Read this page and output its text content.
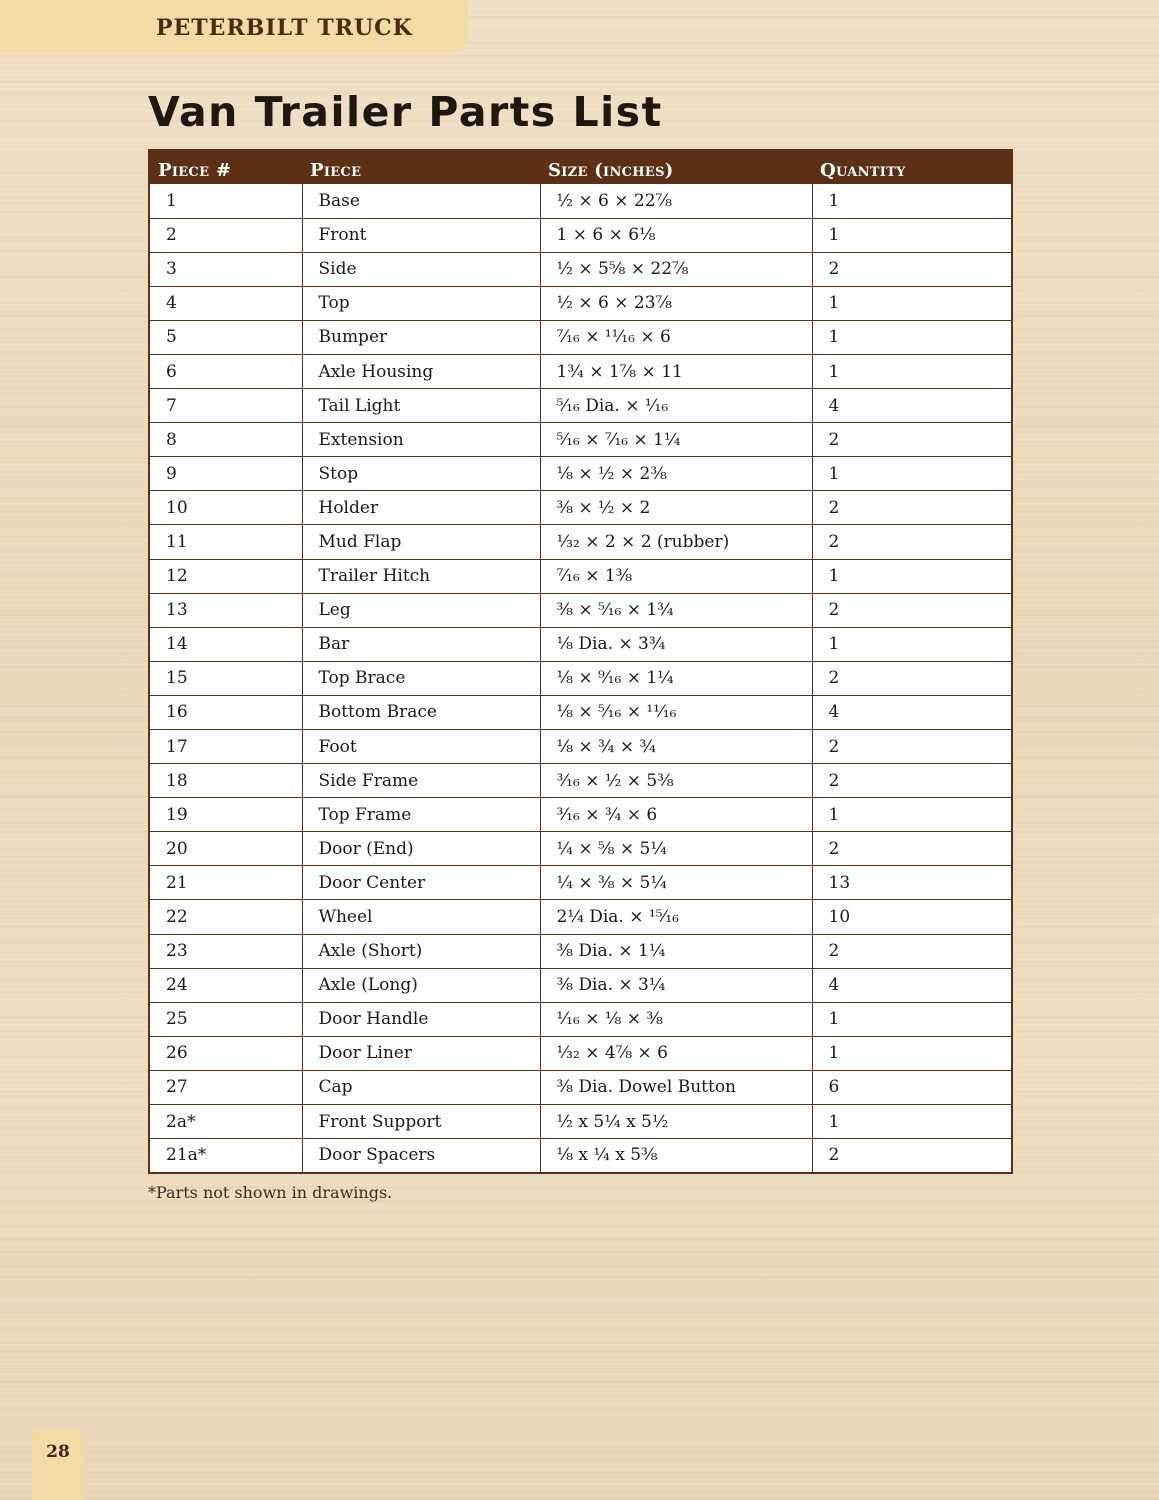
PETERBILT TRUCK
Van Trailer Parts List
Piece #	Piece	Size (inches)	Quantity
1	Base	½ × 6 × 22⅞	1
2	Front	1 × 6 × 6⅛	1
3	Side	½ × 5⅝ × 22⅞	2
4	Top	½ × 6 × 23⅞	1
5	Bumper	⁷⁄₁₆ × ¹¹⁄₁₆ × 6	1
6	Axle Housing	1¾ × 1⅞ × 11	1
7	Tail Light	⁵⁄₁₆ Dia. × ¹⁄₁₆	4
8	Extension	⁵⁄₁₆ × ⁷⁄₁₆ × 1¼	2
9	Stop	⅛ × ½ × 2⅜	1
10	Holder	⅜ × ½ × 2	2
11	Mud Flap	¹⁄₃₂ × 2 × 2 (rubber)	2
12	Trailer Hitch	⁷⁄₁₆ × 1⅜	1
13	Leg	⅜ × ⁵⁄₁₆ × 1¾	2
14	Bar	⅛ Dia. × 3¾	1
15	Top Brace	⅛ × ⁹⁄₁₆ × 1¼	2
16	Bottom Brace	⅛ × ⁵⁄₁₆ × ¹¹⁄₁₆	4
17	Foot	⅛ × ¾ × ¾	2
18	Side Frame	³⁄₁₆ × ½ × 5⅜	2
19	Top Frame	³⁄₁₆ × ¾ × 6	1
20	Door (End)	¼ × ⅝ × 5¼	2
21	Door Center	¼ × ⅜ × 5¼	13
22	Wheel	2¼ Dia. × ¹⁵⁄₁₆	10
23	Axle (Short)	⅜ Dia. × 1¼	2
24	Axle (Long)	⅜ Dia. × 3¼	4
25	Door Handle	¹⁄₁₆ × ⅛ × ⅜	1
26	Door Liner	¹⁄₃₂ × 4⅞ × 6	1
27	Cap	⅜ Dia. Dowel Button	6
2a*	Front Support	½ x 5¼ x 5½	1
21a*	Door Spacers	⅛ x ¼ x 5⅜	2
*Parts not shown in drawings.
28
